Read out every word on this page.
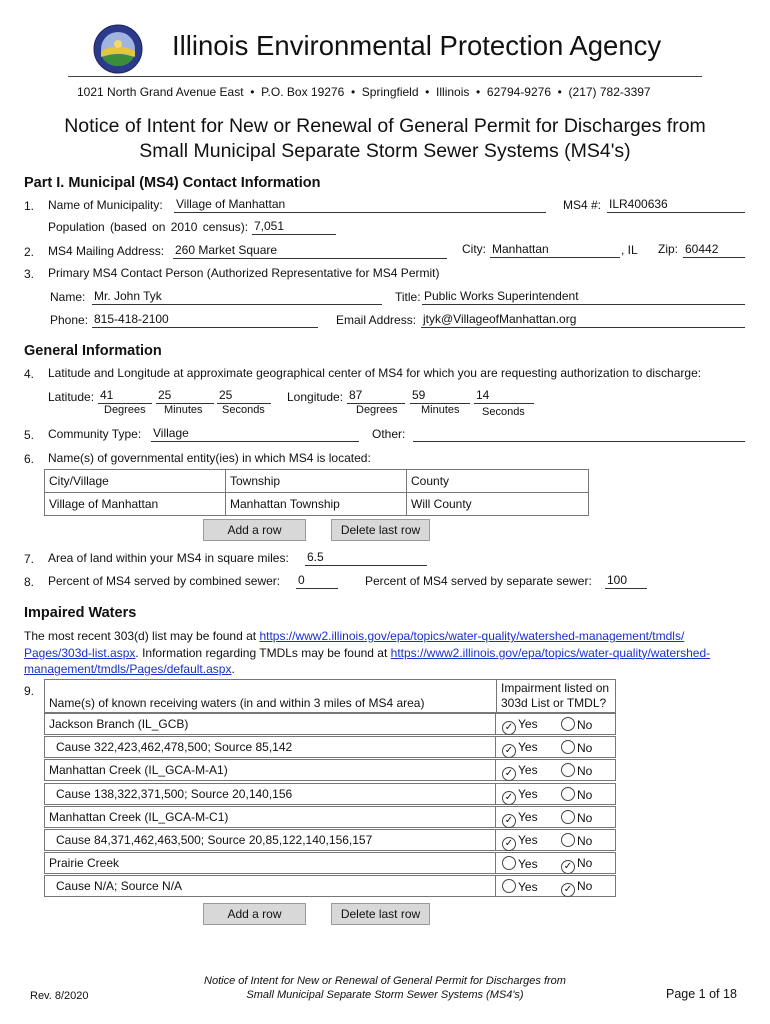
Illinois Environmental Protection Agency
1021 North Grand Avenue East  •  P.O. Box 19276  •  Springfield  •  Illinois  •  62794-9276  •  (217) 782-3397
Notice of Intent for New or Renewal of General Permit for Discharges from
Small Municipal Separate Storm Sewer Systems (MS4's)
Part I. Municipal (MS4) Contact Information
1. Name of Municipality: Village of Manhattan	MS4 #: ILR400636
Population (based on 2010 census): 7,051
2. MS4 Mailing Address: 260 Market Square	City: Manhattan	, IL Zip: 60442
3. Primary MS4 Contact Person (Authorized Representative for MS4 Permit)
Name: Mr. John Tyk	Title: Public Works Superintendent
Phone: 815-418-2100	Email Address: jtyk@VillageofManhattan.org
General Information
4. Latitude and Longitude at approximate geographical center of MS4 for which you are requesting authorization to discharge:
Latitude: 41	25	25
Degrees Minutes Seconds
Longitude: 87	59	14
Degrees Minutes Seconds
5. Community Type: Village	Other:
6. Name(s) of governmental entity(ies) in which MS4 is located:
City/Village	Township	County
Village of Manhattan	Manhattan Township	Will County
Add a row	Delete last row
7. Area of land within your MS4 in square miles: 6.5
8. Percent of MS4 served by combined sewer: 0	Percent of MS4 served by separate sewer: 100
Impaired Waters
The most recent 303(d) list may be found at https://www2.illinois.gov/epa/topics/water-quality/watershed-management/tmdls/
Pages/303d-list.aspx. Information regarding TMDLs may be found at https://www2.illinois.gov/epa/topics/water-quality/watershed-
management/tmdls/Pages/default.aspx.
9.
Name(s) of known receiving waters (in and within 3 miles of MS4 area)
Impairment listed on
303d List or TMDL?
Jackson Branch (IL_GCB)	✓ Yes	No
Cause 322,423,462,478,500; Source 85,142	✓ Yes	No
Manhattan Creek (IL_GCA-M-A1)	✓ Yes	No
Cause 138,322,371,500; Source 20,140,156	✓ Yes	No
Manhattan Creek (IL_GCA-M-C1)	✓ Yes	No
Cause 84,371,462,463,500; Source 20,85,122,140,156,157	✓ Yes	No
Prairie Creek	Yes	✓ No
Cause N/A; Source N/A	Yes	✓ No
Add a row	Delete last row
Rev. 8/2020
Notice of Intent for New or Renewal of General Permit for Discharges from
Small Municipal Separate Storm Sewer Systems (MS4's)	Page 1 of 18
